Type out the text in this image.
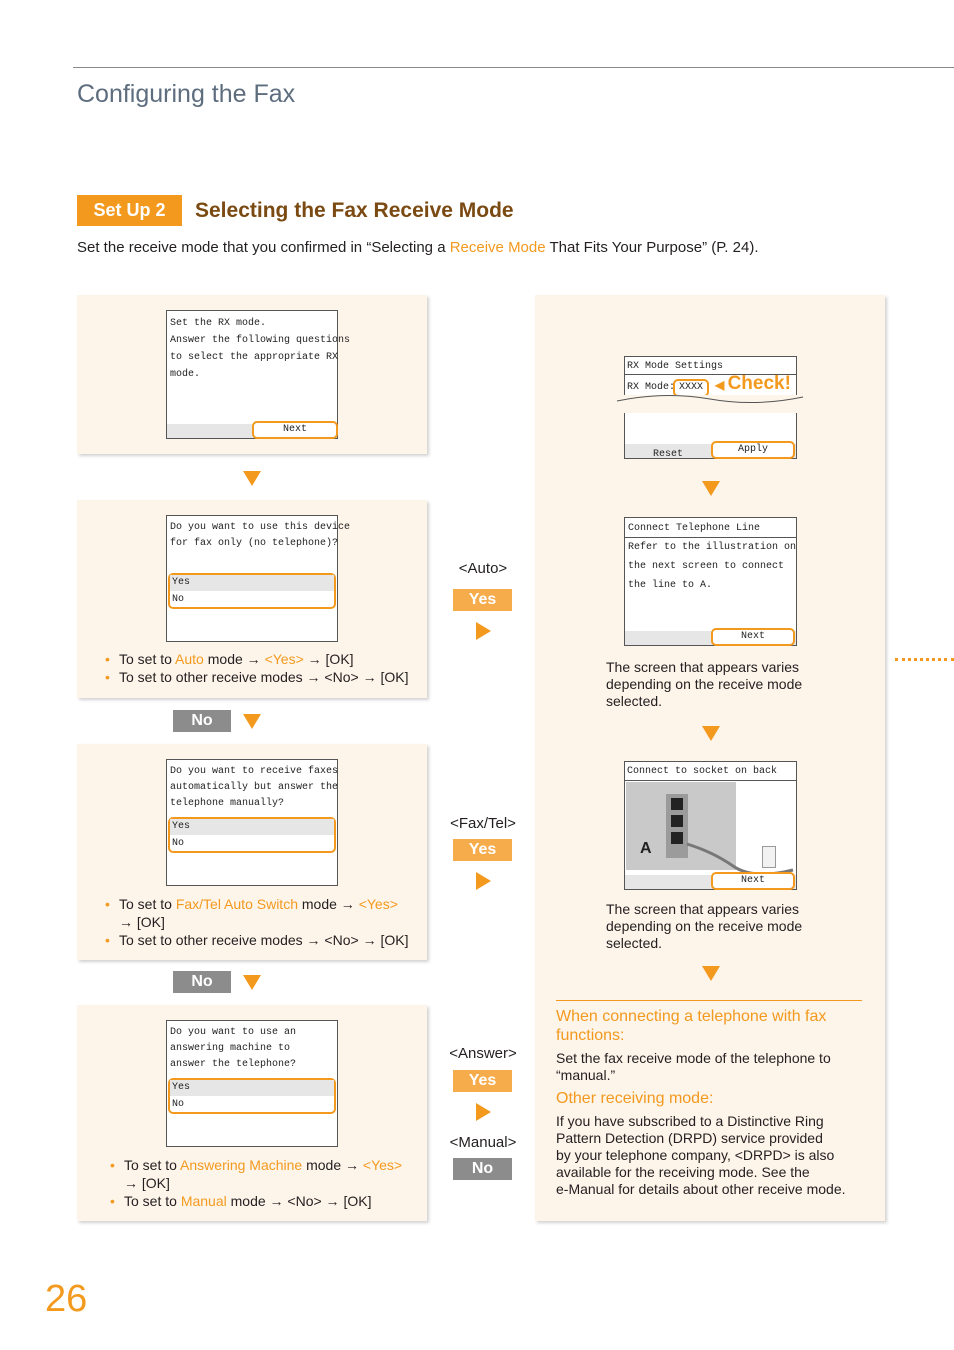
Configuring the Fax
Set Up 2	Selecting the Fax Receive Mode
Set the receive mode that you confirmed in “Selecting a Receive Mode That Fits Your Purpose” (P. 24).
Set the RX mode.
Answer the following questions
to select the appropriate RX
mode.
Next
Do you want to use this device
for fax only (no telephone)?
Yes
No
• To set to Auto mode → <Yes> → [OK]
• To set to other receive modes → <No> → [OK]
No
Do you want to receive faxes
automatically but answer the
telephone manually?
Yes
No
• To set to Fax/Tel Auto Switch mode → <Yes>
→ [OK]
• To set to other receive modes → <No> → [OK]
No
Do you want to use an
answering machine to
answer the telephone?
Yes
No
• To set to Answering Machine mode → <Yes>
→ [OK]
• To set to Manual mode → <No> → [OK]
<Auto>
Yes
<Fax/Tel>
Yes
<Answer>
Yes
<Manual>
No
RX Mode Settings
RX Mode: XXXX
Reset	Apply
◀ Check!
Connect Telephone Line
Refer to the illustration on
the next screen to connect
the line to A.
Next
The screen that appears varies
depending on the receive mode
selected.
Connect to socket on back
A
Next
The screen that appears varies
depending on the receive mode
selected.
When connecting a telephone with fax
functions:
Set the fax receive mode of the telephone to
“manual.”
Other receiving mode:
If you have subscribed to a Distinctive Ring
Pattern Detection (DRPD) service provided
by your telephone company, <DRPD> is also
available for the receiving mode. See the
e-Manual for details about other receive mode.
26
